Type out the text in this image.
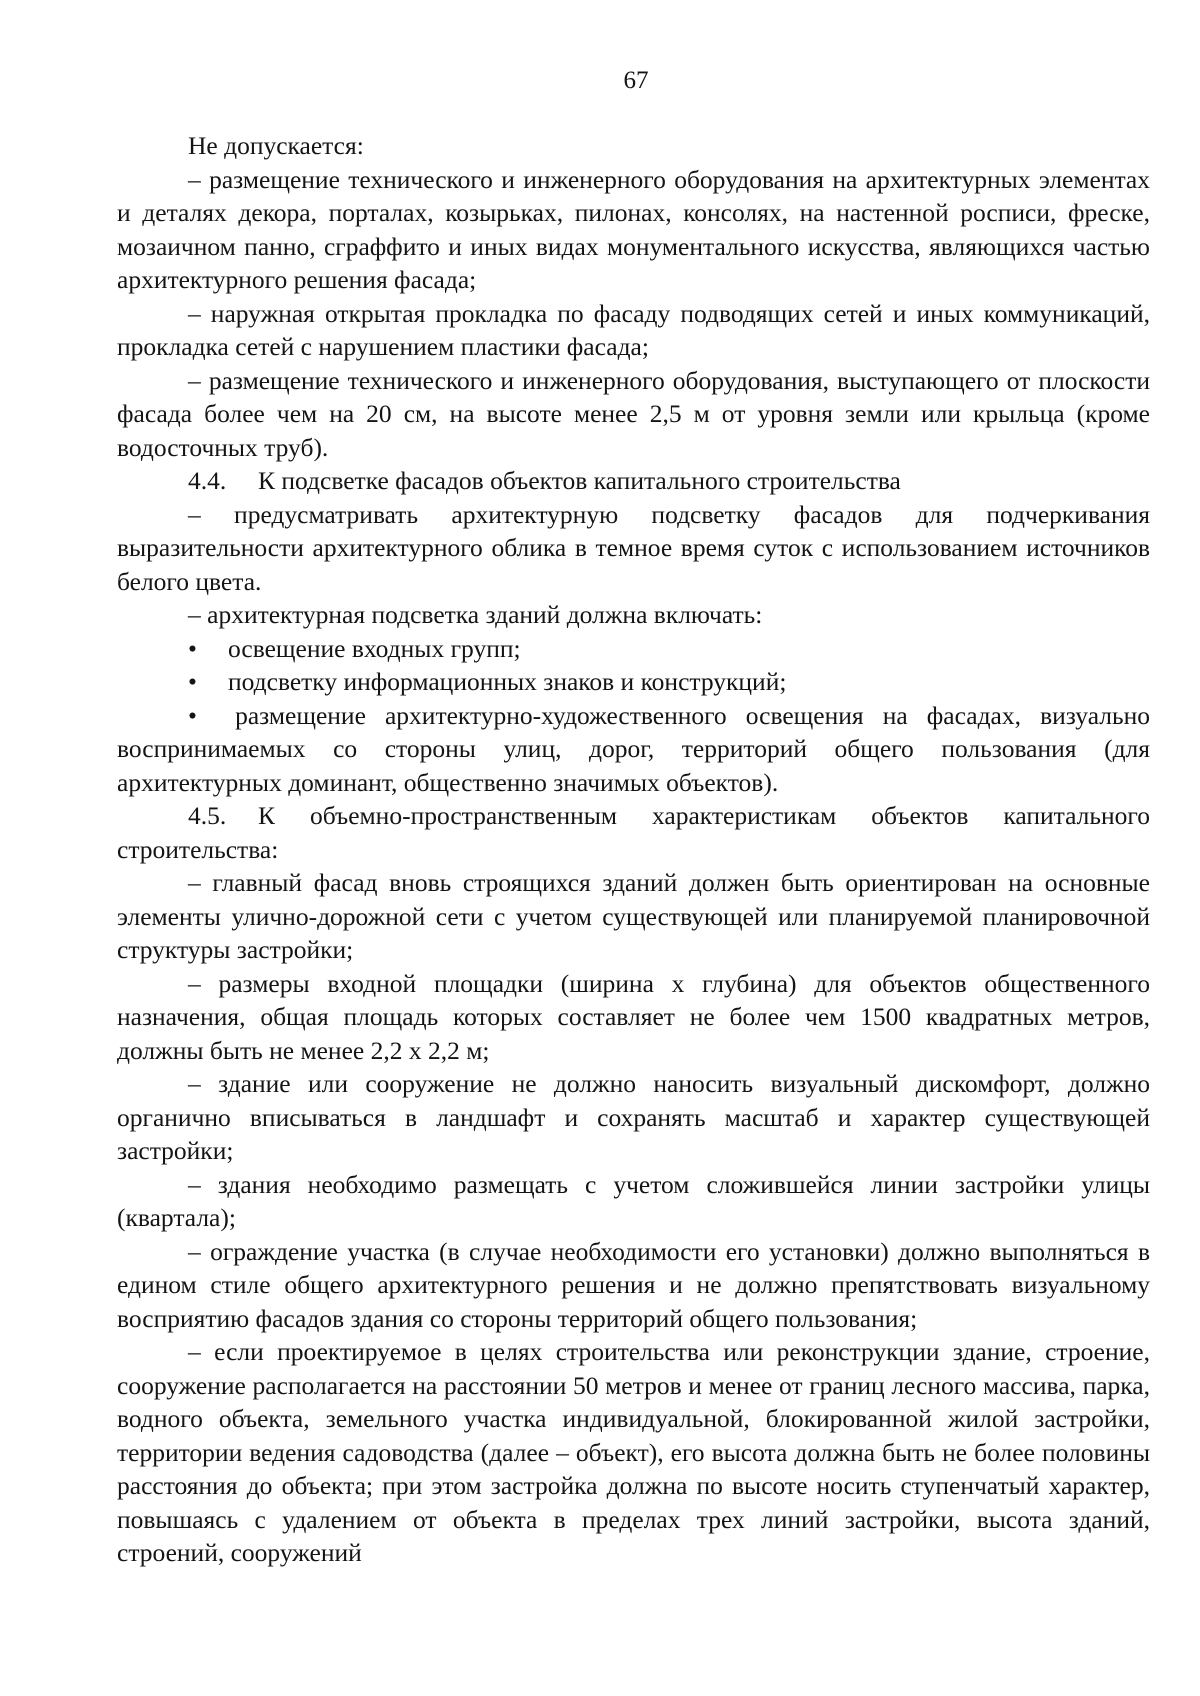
67

Не допускается:

– размещение технического и инженерного оборудования на архитектурных элементах и деталях декора, порталах, козырьках, пилонах, консолях, на настенной росписи, фреске, мозаичном панно, сграффито и иных видах монументального искусства, являющихся частью архитектурного решения фасада;

– наружная открытая прокладка по фасаду подводящих сетей и иных коммуникаций, прокладка сетей с нарушением пластики фасада;

– размещение технического и инженерного оборудования, выступающего от плоскости фасада более чем на 20 см, на высоте менее 2,5 м от уровня земли или крыльца (кроме водосточных труб).

4.4. К подсветке фасадов объектов капитального строительства

– предусматривать архитектурную подсветку фасадов для подчеркивания выразительности архитектурного облика в темное время суток с использованием источников белого цвета.

– архитектурная подсветка зданий должна включать:

• освещение входных групп;

• подсветку информационных знаков и конструкций;

•  размещение архитектурно-художественного освещения на фасадах, визуально воспринимаемых со стороны улиц, дорог, территорий общего пользования (для архитектурных доминант, общественно значимых объектов).

4.5. К объемно-пространственным характеристикам объектов капитального строительства:

– главный фасад вновь строящихся зданий должен быть ориентирован на основные элементы улично-дорожной сети с учетом существующей или планируемой планировочной структуры застройки;

– размеры входной площадки (ширина х глубина) для объектов общественного назначения, общая площадь которых составляет не более чем 1500 квадратных метров, должны быть не менее 2,2 х 2,2 м;

– здание или сооружение не должно наносить визуальный дискомфорт, должно органично вписываться в ландшафт и сохранять масштаб и характер существующей застройки;

– здания необходимо размещать с учетом сложившейся линии застройки улицы (квартала);

– ограждение участка (в случае необходимости его установки) должно выполняться в едином стиле общего архитектурного решения и не должно препятствовать визуальному восприятию фасадов здания со стороны территорий общего пользования;

– если проектируемое в целях строительства или реконструкции здание, строение, сооружение располагается на расстоянии 50 метров и менее от границ лесного массива, парка, водного объекта, земельного участка индивидуальной, блокированной жилой застройки, территории ведения садоводства (далее – объект), его высота должна быть не более половины расстояния до объекта; при этом застройка должна по высоте носить ступенчатый характер, повышаясь с удалением от объекта в пределах трех линий застройки, высота зданий, строений, сооружений
